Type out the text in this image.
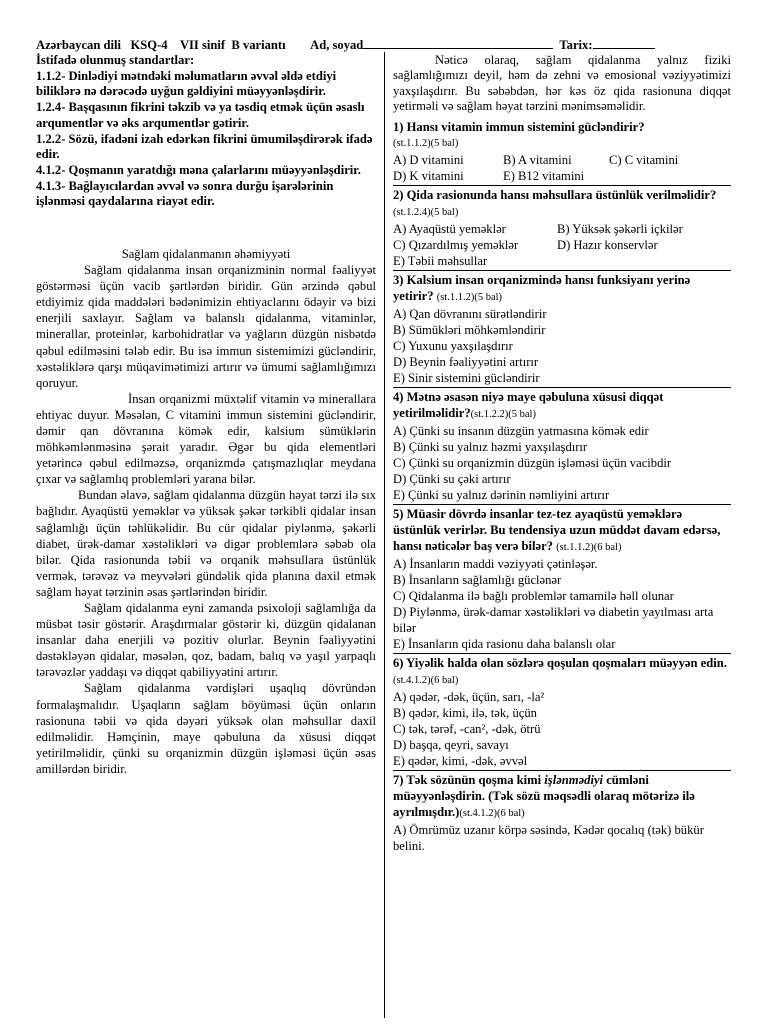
Azərbaycan dili KSQ-4 VII sinif B variantı Ad, soyad	Tarix:
İstifadə olunmuş standartlar:
1.1.2- Dinlədiyi mətndəki məlumatların əvvəl əldə etdiyi biliklərə nə dərəcədə uyğun gəldiyini müəyyənləşdirir.
1.2.4- Başqasının fikrini təkzib və ya təsdiq etmək üçün əsaslı arqumentlər və əks arqumentlər gətirir.
1.2.2- Sözü, ifadəni izah edərkən fikrini ümumiləşdirərək ifadə edir.
4.1.2- Qoşmanın yaratdığı məna çalarlarını müəyyənləşdirir.
4.1.3- Bağlayıcılardan əvvəl və sonra durğu işarələrinin işlənməsi qaydalarına riayət edir.
Sağlam qidalanmanın əhəmiyyəti

Sağlam qidalanma insan orqanizminin normal fəaliyyət göstərməsi üçün vacib şərtlərdən biridir. Gün ərzində qəbul etdiyimiz qida maddələri bədənimizin ehtiyaclarını ödəyir və bizi enerjili saxlayır. Sağlam və balanslı qidalanma, vitaminlər, minerallar, proteinlər, karbohidratlar və yağların düzgün nisbətdə qəbul edilməsini tələb edir. Bu isə immun sistemimizi gücləndirir, xəstəliklərə qarşı müqavimətimizi artırır və ümumi sağlamlığımızı qoruyur.

İnsan orqanizmi müxtəlif vitamin və minerallara ehtiyac duyur. Məsələn, C vitamini immun sistemini gücləndirir, dəmir qan dövranına kömək edir, kalsium sümüklərin möhkəmlənməsinə şərait yaradır. Əgər bu qida elementləri yetərincə qəbul edilməzsə, orqanizmdə çatışmazlıqlar meydana çıxar və sağlamlıq problemləri yarana bilər.

Bundan əlavə, sağlam qidalanma düzgün həyat tərzi ilə sıx bağlıdır. Ayaqüstü yeməklər və yüksək şəkər tərkibli qidalar insan sağlamlığı üçün təhlükəlidir. Bu cür qidalar piylənmə, şəkərli diabet, ürək-damar xəstəlikləri və digər problemlərə səbəb ola bilər. Qida rasionunda təbii və orqanik məhsullara üstünlük vermək, tərəvəz və meyvələri gündəlik qida planına daxil etmək sağlam həyat tərzinin əsas şərtlərindən biridir.

Sağlam qidalanma eyni zamanda psixoloji sağlamlığa da müsbət təsir göstərir. Araşdırmalar göstərir ki, düzgün qidalanan insanlar daha enerjili və pozitiv olurlar. Beynin fəaliyyətini dəstəkləyən qidalar, məsələn, qoz, badam, balıq və yaşıl yarpaqlı tərəvəzlər yaddaşı və diqqət qabiliyyətini artırır.

Sağlam qidalanma vərdişləri uşaqlıq dövründən formalaşmalıdır. Uşaqların sağlam böyüməsi üçün onların rasionuna təbii və qida dəyəri yüksək olan məhsullar daxil edilməlidir. Həmçinin, maye qəbuluna da xüsusi diqqət yetirilməlidir, çünki su orqanizmin düzgün işləməsi üçün əsas amillərdən biridir.

Nəticə olaraq, sağlam qidalanma yalnız fiziki sağlamlığımızı deyil, həm də zehni və emosional vəziyyətimizi yaxşılaşdırır. Bu səbəbdən, hər kəs öz qida rasionuna diqqət yetirməli və sağlam həyat tərzini mənimsəməlidir.

1) Hansı vitamin immun sistemini gücləndirir?
(st.1.1.2)(5 bal)
A) D vitamini	B) A vitamini	C) C vitamini
D) K vitamini	E) B12 vitamini
2) Qida rasionunda hansı məhsullara üstünlük verilməlidir? (st.1.2.4)(5 bal)
A) Ayaqüstü yeməklər	B) Yüksək şəkərli içkilər
C) Qızardılmış yeməklər	D) Hazır konservlər
E) Təbii məhsullar
3) Kalsium insan orqanizmində hansı funksiyanı yerinə yetirir? (st.1.1.2)(5 bal)
A) Qan dövranını sürətləndirir
B) Sümükləri möhkəmləndirir
C) Yuxunu yaxşılaşdırır
D) Beynin fəaliyyətini artırır
E) Sinir sistemini gücləndirir
4) Mətnə əsasən niyə maye qəbuluna xüsusi diqqət yetirilməlidir?(st.1.2.2)(5 bal)
A) Çünki su insanın düzgün yatmasına kömək edir
B) Çünki su yalnız həzmi yaxşılaşdırır
C) Çünki su orqanizmin düzgün işləməsi üçün vacibdir
D) Çünki su çəki artırır
E) Çünki su yalnız dərinin nəmliyini artırır
5) Müasir dövrdə insanlar tez-tez ayaqüstü yeməklərə üstünlük verirlər. Bu tendensiya uzun müddət davam edərsə, hansı nəticələr baş verə bilər? (st.1.1.2)(6 bal)
A) İnsanların maddi vəziyyəti çətinləşər.
B) İnsanların sağlamlığı güclənər
C) Qidalanma ilə bağlı problemlər tamamilə həll olunar
D) Piylənmə, ürək-damar xəstəlikləri və diabetin yayılması arta bilər
E) İnsanların qida rasionu daha balanslı olar
6) Yiyəlik halda olan sözlərə qoşulan qoşmaları müəyyən edin. (st.4.1.2)(6 bal)
A) qədər, -dək, üçün, sarı, -la²
B) qədər, kimi, ilə, tək, üçün
C) tək, tərəf, -can², -dək, ötrü
D) başqa, qeyri, savayı
E) qədər, kimi, -dək, əvvəl
7) Tək sözünün qoşma kimi işlənmədiyi cümləni müəyyənləşdirin. (Tək sözü məqsədli olaraq mötərizə ilə ayrılmışdır.)(st.4.1.2)(6 bal)
A) Ömrümüz uzanır körpə səsində, Kədər qocalıq (tək) bükür belini.
